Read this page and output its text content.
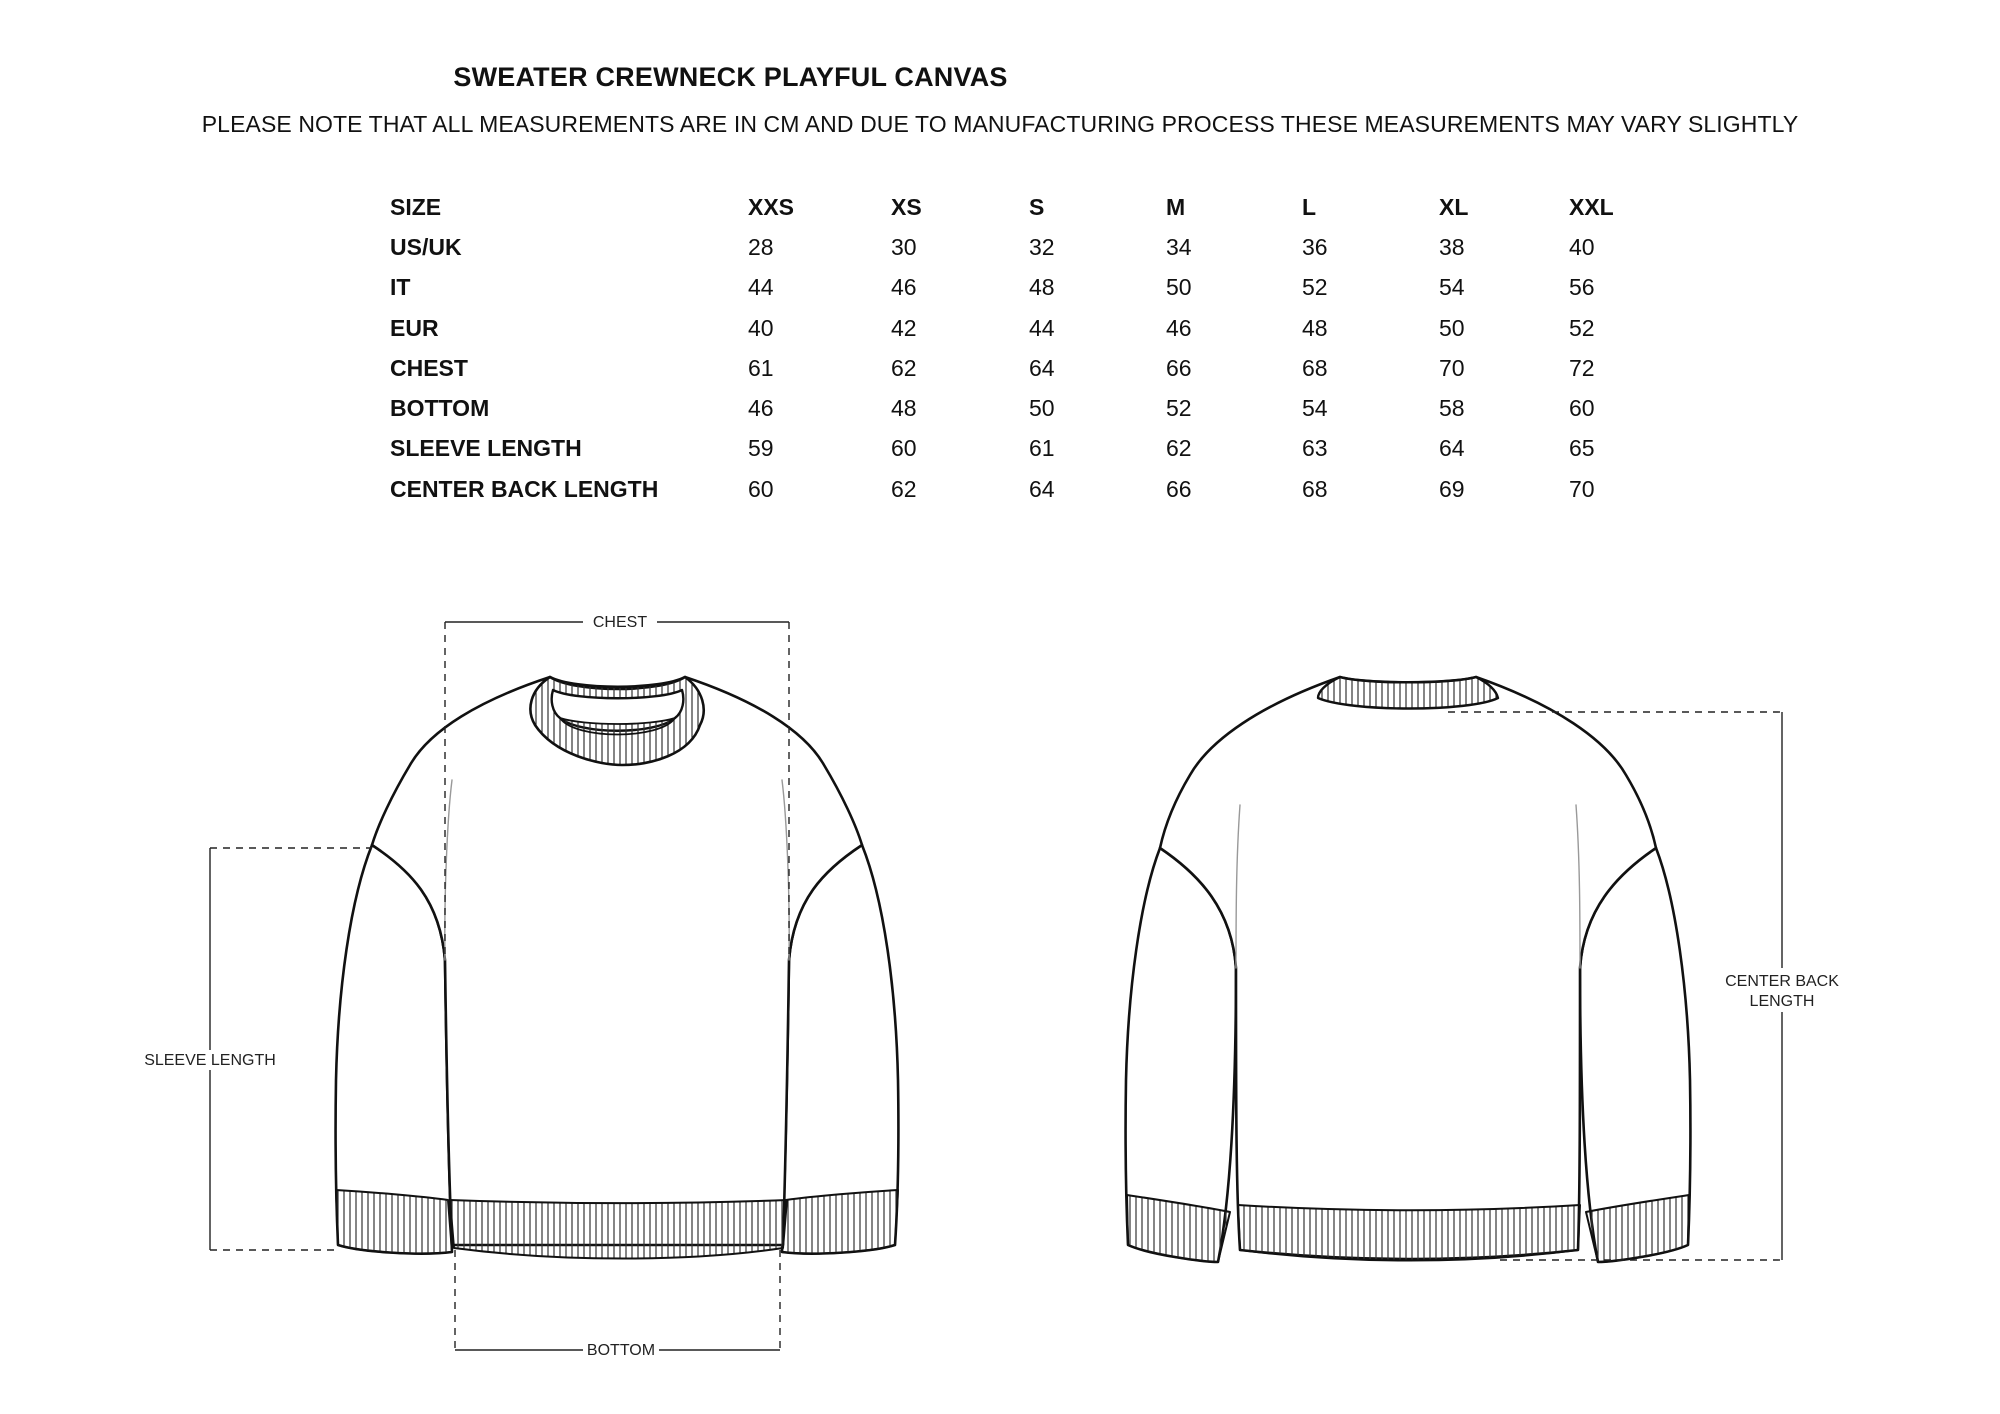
SWEATER CREWNECK PLAYFUL CANVAS
PLEASE NOTE THAT ALL MEASUREMENTS ARE IN CM AND DUE TO MANUFACTURING PROCESS THESE MEASUREMENTS MAY VARY SLIGHTLY
SIZE	XXS	XS	S	M	L	XL	XXL
US/UK	28	30	32	34	36	38	40
IT	44	46	48	50	52	54	56
EUR	40	42	44	46	48	50	52
CHEST	61	62	64	66	68	70	72
BOTTOM	46	48	50	52	54	58	60
SLEEVE LENGTH	59	60	61	62	63	64	65
CENTER BACK LENGTH	60	62	64	66	68	69	70
CHEST
BOTTOM
SLEEVE LENGTH
CENTER BACK
LENGTH
